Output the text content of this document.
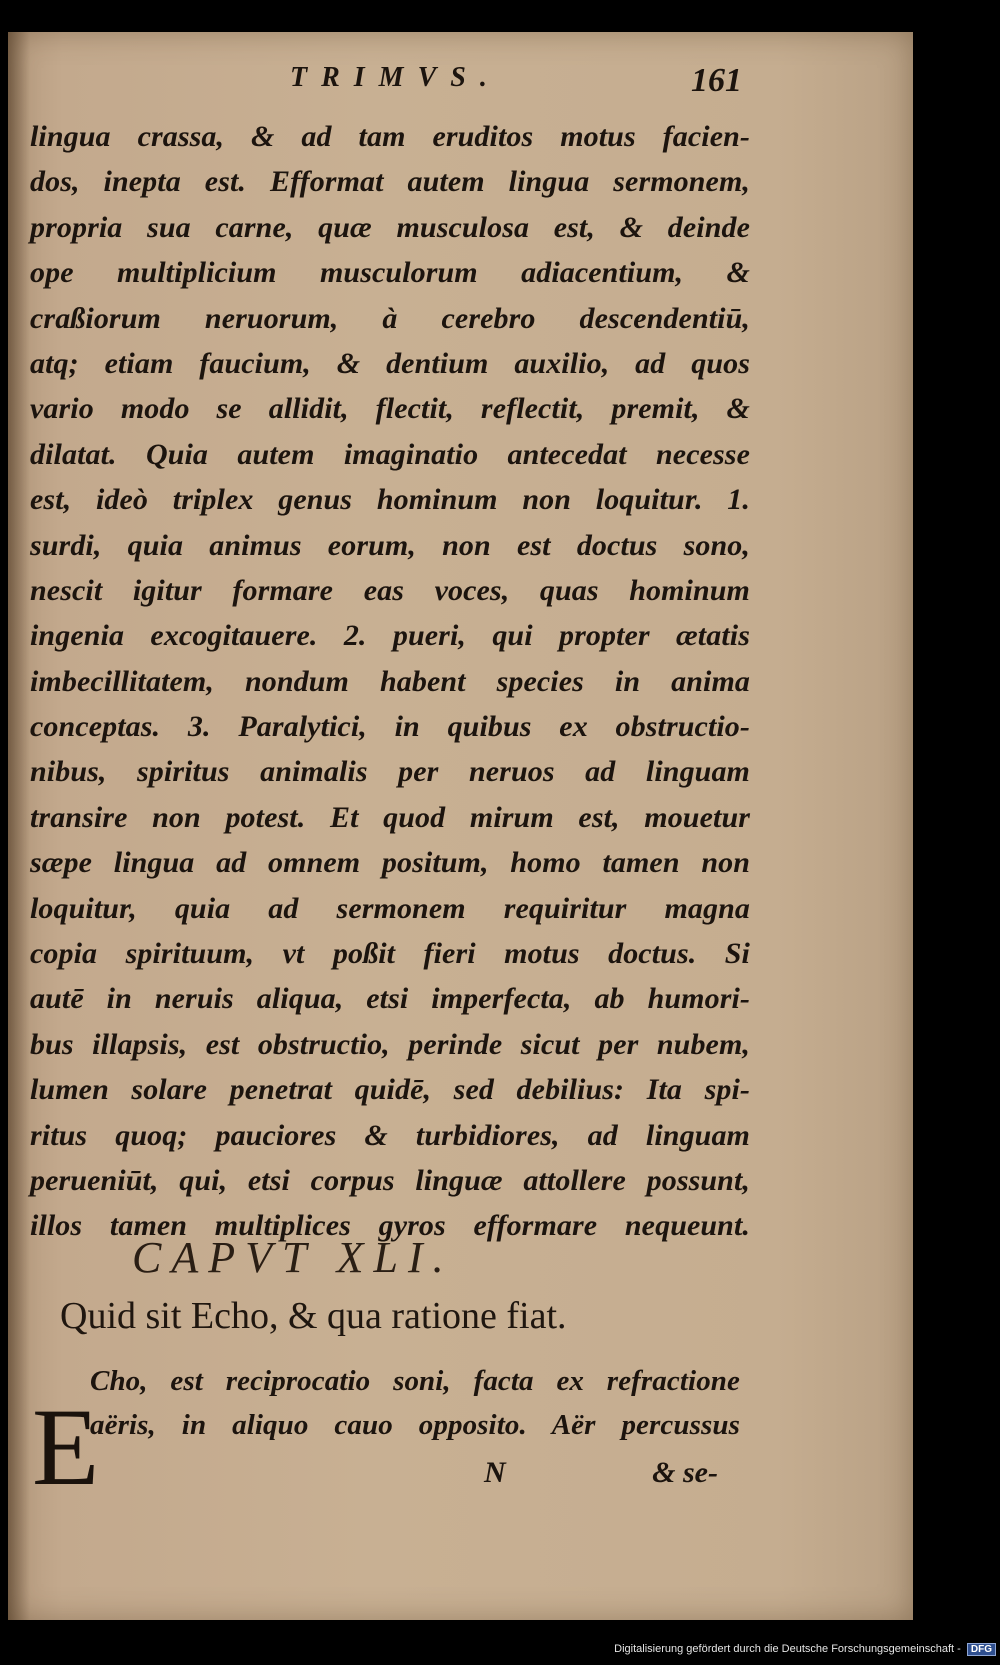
TRIMVS.	161
lingua crassa, & ad tam eruditos motus facien-
dos, inepta est. Efformat autem lingua sermonem,
propria sua carne, quæ musculosa est, & deinde
ope multiplicium musculorum adiacentium, &
craßiorum neruorum, à cerebro descendentiū,
atq; etiam faucium, & dentium auxilio, ad quos
vario modo se allidit, flectit, reflectit, premit, &
dilatat. Quia autem imaginatio antecedat necesse
est, ideò triplex genus hominum non loquitur. 1.
surdi, quia animus eorum, non est doctus sono,
nescit igitur formare eas voces, quas hominum
ingenia excogitauere. 2. pueri, qui propter ætatis
imbecillitatem, nondum habent species in anima
conceptas. 3. Paralytici, in quibus ex obstructio-
nibus, spiritus animalis per neruos ad linguam
transire non potest. Et quod mirum est, mouetur
sæpe lingua ad omnem positum, homo tamen non
loquitur, quia ad sermonem requiritur magna
copia spirituum, vt poßit fieri motus doctus. Si
autē in neruis aliqua, etsi imperfecta, ab humori-
bus illapsis, est obstructio, perinde sicut per nubem,
lumen solare penetrat quidē, sed debilius: Ita spi-
ritus quoq; pauciores & turbidiores, ad linguam
perueniūt, qui, etsi corpus linguæ attollere possunt,
illos tamen multiplices gyros efformare nequeunt.
CAPVT XLI.
Quid sit Echo, & qua ratione fiat.
E
Cho, est reciprocatio soni, facta ex refractione
aëris, in aliquo cauo opposito. Aër percussus
N	& se-
Digitalisierung gefördert durch die Deutsche Forschungsgemeinschaft - DFG
